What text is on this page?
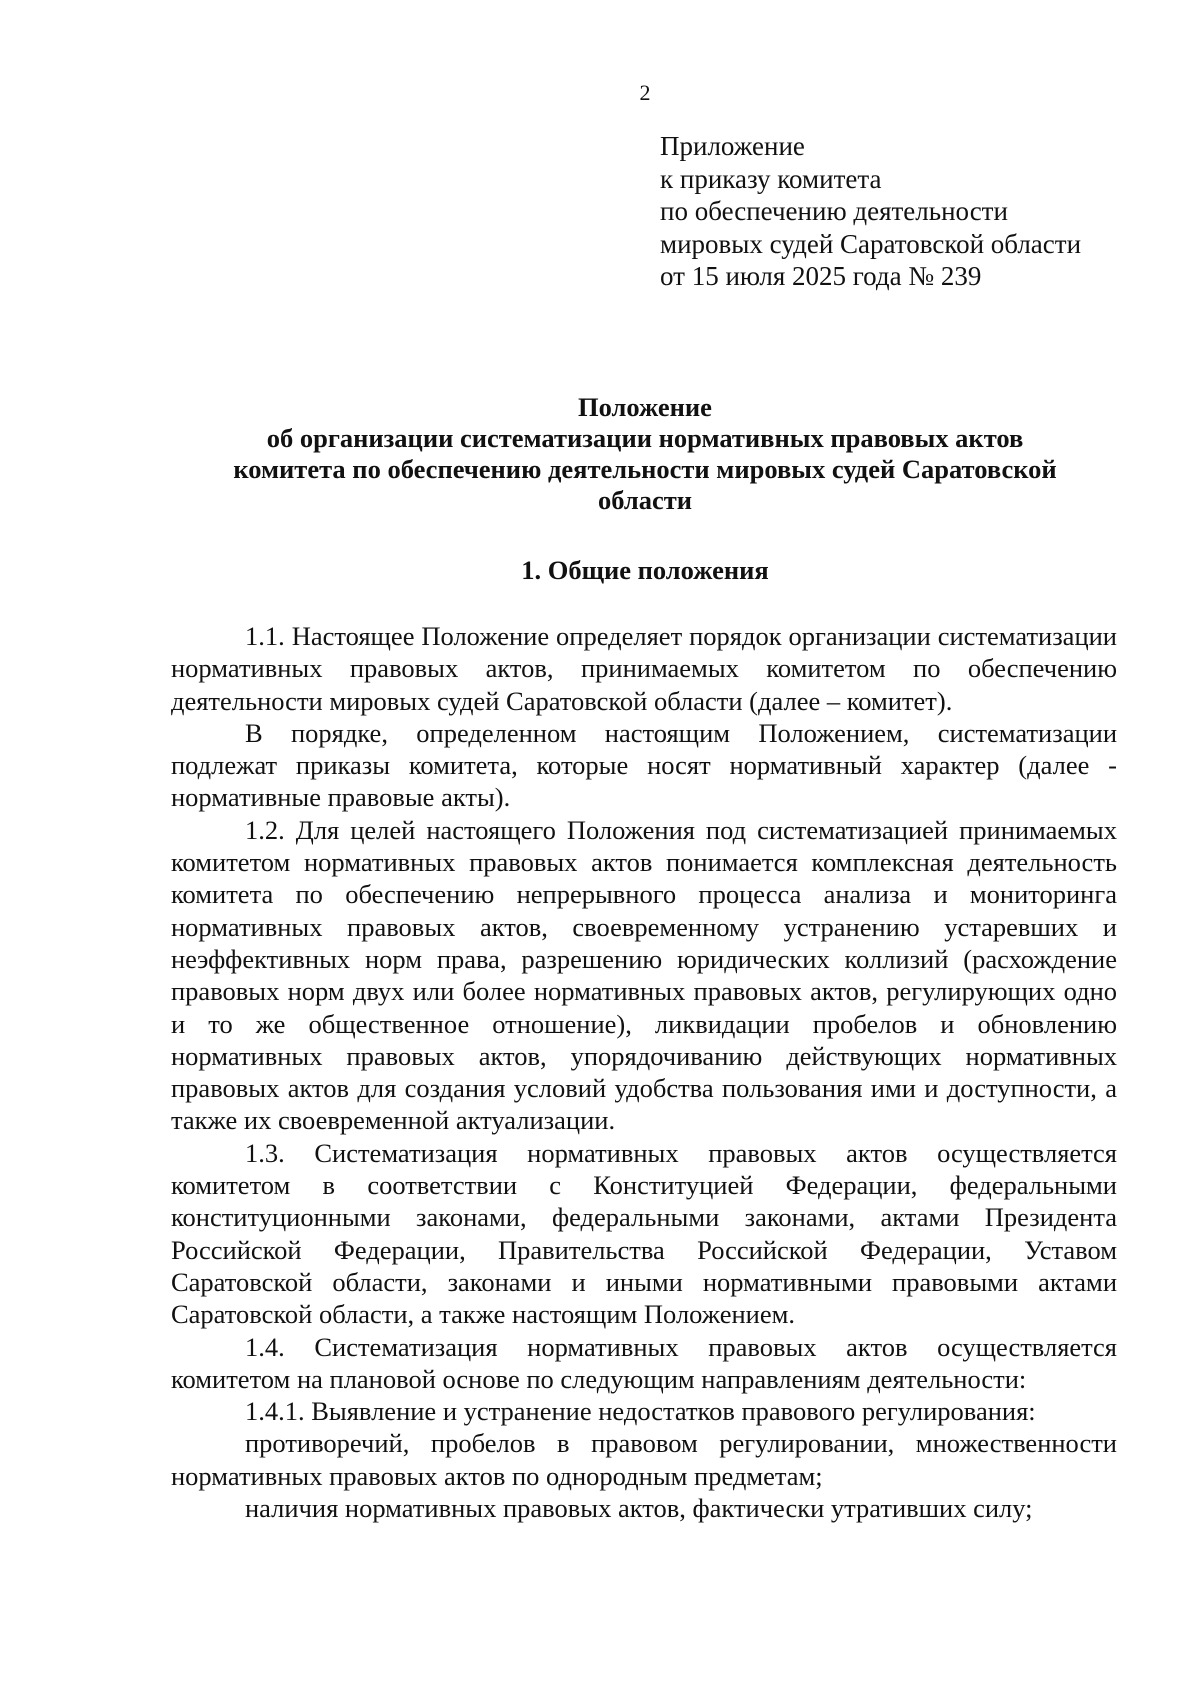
2
Приложение
к приказу комитета
по обеспечению деятельности
мировых судей Саратовской области
от 15 июля 2025 года № 239
Положение
об организации систематизации нормативных правовых актов
комитета по обеспечению деятельности мировых судей Саратовской
области
1. Общие положения

1.1. Настоящее Положение определяет порядок организации систематизации нормативных правовых актов, принимаемых комитетом по обеспечению деятельности мировых судей Саратовской области (далее – комитет).

В порядке, определенном настоящим Положением, систематизации подлежат приказы комитета, которые носят нормативный характер (далее - нормативные правовые акты).

1.2. Для целей настоящего Положения под систематизацией принимаемых комитетом нормативных правовых актов понимается комплексная деятельность комитета по обеспечению непрерывного процесса анализа и мониторинга нормативных правовых актов, своевременному устранению устаревших и неэффективных норм права, разрешению юридических коллизий (расхождение правовых норм двух или более нормативных правовых актов, регулирующих одно и то же общественное отношение), ликвидации пробелов и обновлению нормативных правовых актов, упорядочиванию действующих нормативных правовых актов для создания условий удобства пользования ими и доступности, а также их своевременной актуализации.

1.3. Систематизация нормативных правовых актов осуществляется комитетом в соответствии с Конституцией Федерации, федеральными конституционными законами, федеральными законами, актами Президента Российской Федерации, Правительства Российской Федерации, Уставом Саратовской области, законами и иными нормативными правовыми актами Саратовской области, а также настоящим Положением.

1.4. Систематизация нормативных правовых актов осуществляется комитетом на плановой основе по следующим направлениям деятельности:

1.4.1. Выявление и устранение недостатков правового регулирования:

противоречий, пробелов в правовом регулировании, множественности нормативных правовых актов по однородным предметам;

наличия нормативных правовых актов, фактически утративших силу;
